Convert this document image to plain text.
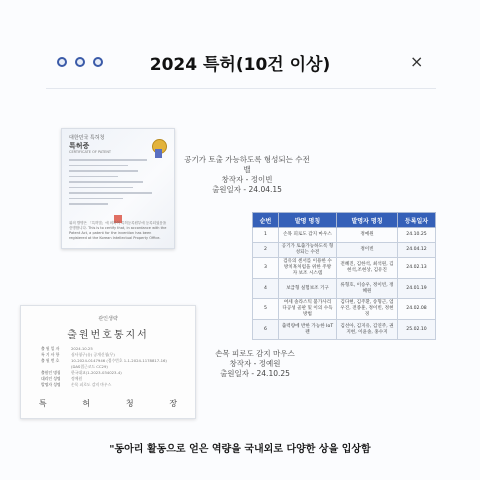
2024 특허(10건 이상)	×
대한민국 특허청
특허증
CERTIFICATE OF PATENT
위의 발명은 「특허법」에 의하여 특허등록원부에 등록되었음을 증명합니다. This is to certify that, in accordance with the Patent Act, a patent for the invention has been registered at the Korean Intellectual Property Office.
공기가 토출 가능하도록 형성되는 수전밸
창작자 - 정이빈
출원일자 - 24.04.15
순번	발명 명칭	발명자 명칭	등록일자
1	손목 피로도 감지 마우스	정예원	24.10.25
2	공기가 토출가능하도록 형성되는 수전	정이빈	24.04.12
3	검유의 센서를 이용한 수 방치혹처럼을 위한 주방 자 보조 시스템	전혜진, 김한석, 최석원, 김현석,조현상, 김유진	24.02.13
4	보급형 실험보조 기구	류형호, 이승우, 정이빈, 정혜원	24.01.19
5	여세 솔라스틱 불가사리 다공성 골판 및 이의 수득 방법	김다현, 김주환, 송형근, 엄우진, 전종훈, 정이빈, 정현경	24.02.08
6	출력량에 반한 가능한 IoT 펜	김선아, 김지유, 김연주, 권지현, 이윤솔, 홍수지	25.02.10
관인생략
출원번호통지서
출 원 일 자	2024.10.25
특 기 사 항	심사청구(유) 공개신청(무)
출 원 번 호	10-2024-0147946 (접수번호 1-1-2024-1178817-16)
(DAS접근코드 CC29)
출원인 명칭	한국대교(1-2023-034023-4)
대리인 성명	정예원
발명자 성명	손목 피로도 감지 마우스
특	허	청	장
손목 피로도 감지 마우스
창작자 - 정예원
출원일자 - 24.10.25
"동아리 활동으로 얻은 역량을 국내외로 다양한 상을 입상함
